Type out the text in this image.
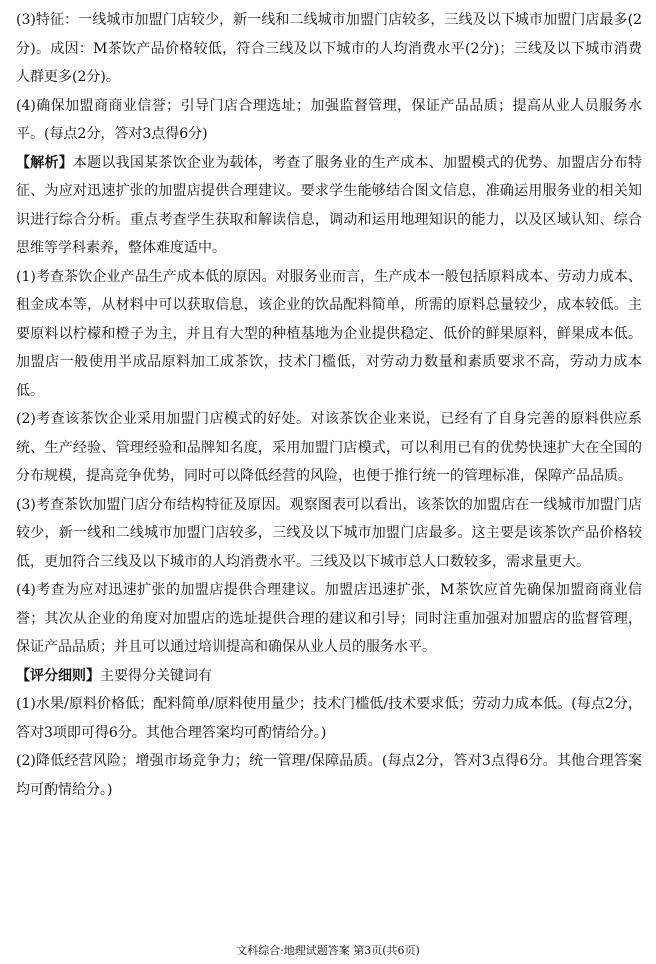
(3)特征：一线城市加盟门店较少，新一线和二线城市加盟门店较多，三线及以下城市加盟门店最多(2分)。成因：M茶饮产品价格较低，符合三线及以下城市的人均消费水平(2分)；三线及以下城市消费人群更多(2分)。

(4)确保加盟商商业信誉；引导门店合理选址；加强监督管理，保证产品品质；提高从业人员服务水平。(每点2分，答对3点得6分)

【解析】本题以我国某茶饮企业为载体，考查了服务业的生产成本、加盟模式的优势、加盟店分布特征、为应对迅速扩张的加盟店提供合理建议。要求学生能够结合图文信息，准确运用服务业的相关知识进行综合分析。重点考查学生获取和解读信息，调动和运用地理知识的能力，以及区域认知、综合思维等学科素养，整体难度适中。

(1)考查茶饮企业产品生产成本低的原因。对服务业而言，生产成本一般包括原料成本、劳动力成本、租金成本等，从材料中可以获取信息，该企业的饮品配料简单，所需的原料总量较少，成本较低。主要原料以柠檬和橙子为主，并且有大型的种植基地为企业提供稳定、低价的鲜果原料，鲜果成本低。加盟店一般使用半成品原料加工成茶饮，技术门槛低，对劳动力数量和素质要求不高，劳动力成本低。

(2)考查该茶饮企业采用加盟门店模式的好处。对该茶饮企业来说，已经有了自身完善的原料供应系统、生产经验、管理经验和品牌知名度，采用加盟门店模式，可以利用已有的优势快速扩大在全国的分布规模，提高竞争优势，同时可以降低经营的风险，也便于推行统一的管理标准，保障产品品质。

(3)考查茶饮加盟门店分布结构特征及原因。观察图表可以看出，该茶饮的加盟店在一线城市加盟门店较少，新一线和二线城市加盟门店较多，三线及以下城市加盟门店最多。这主要是该茶饮产品价格较低，更加符合三线及以下城市的人均消费水平。三线及以下城市总人口数较多，需求量更大。

(4)考查为应对迅速扩张的加盟店提供合理建议。加盟店迅速扩张，M茶饮应首先确保加盟商商业信誉；其次从企业的角度对加盟店的选址提供合理的建议和引导；同时注重加强对加盟店的监督管理，保证产品品质；并且可以通过培训提高和确保从业人员的服务水平。

【评分细则】主要得分关键词有

(1)水果/原料价格低；配料简单/原料使用量少；技术门槛低/技术要求低；劳动力成本低。(每点2分，答对3项即可得6分。其他合理答案均可酌情给分。)

(2)降低经营风险；增强市场竞争力；统一管理/保障品质。(每点2分，答对3点得6分。其他合理答案均可酌情给分。)

文科综合·地理试题答案 第3页(共6页)
